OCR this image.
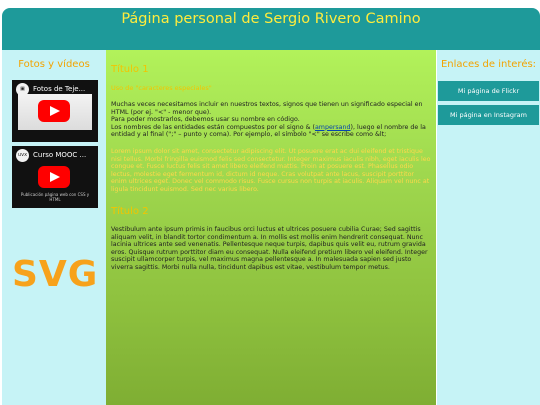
Página personal de Sergio Rivero Camino
Fotos y vídeos
▣	Fotos de Teje...
uvx Curso MOOC ...
Publicación página web con CSS y HTML
SVG
Título 1
Uso de "caracteres especiales"

Muchas veces necesitamos incluir en nuestros textos, signos que tienen un significado especial en HTML (por ej. "<" - menor que).
Para poder mostrarlos, debemos usar su nombre en código.
Los nombres de las entidades están compuestos por el signo & (ampersand), luego el nombre de la entidad y al final (";" – punto y coma). Por ejemplo, el símbolo "<" se escribe como &lt;

Lorem ipsum dolor sit amet, consectetur adipiscing elit. Ut posuere erat ac dui eleifend et tristique nisi tellus. Morbi fringilla euismod felis sed consectetur. Integer maximus iaculis nibh, eget iaculis leo congue et. Fusce luctus felis sit amet libero eleifend mattis. Proin at posuere est. Phasellus odio lectus, molestie eget fermentum id, dictum id neque. Cras volutpat ante lacus, suscipit porttitor enim ultrices eget. Donec vel commodo risus. Fusce cursus non turpis at iaculis. Aliquam vel nunc at ligula tincidunt euismod. Sed nec varius libero.

Título 2

Vestibulum ante ipsum primis in faucibus orci luctus et ultrices posuere cubilia Curae; Sed sagittis aliquam velit, in blandit tortor condimentum a. In mollis est mollis enim hendrerit consequat. Nunc lacinia ultrices ante sed venenatis. Pellentesque neque turpis, dapibus quis velit eu, rutrum gravida eros. Quisque rutrum porttitor diam eu consequat. Nulla eleifend pretium libero vel eleifend. Integer suscipit ullamcorper turpis, vel maximus magna pellentesque a. In malesuada sapien sed justo viverra sagittis. Morbi nulla nulla, tincidunt dapibus est vitae, vestibulum tempor metus.

Enlaces de interés:
Mi página de Flickr
Mi página en Instagram
